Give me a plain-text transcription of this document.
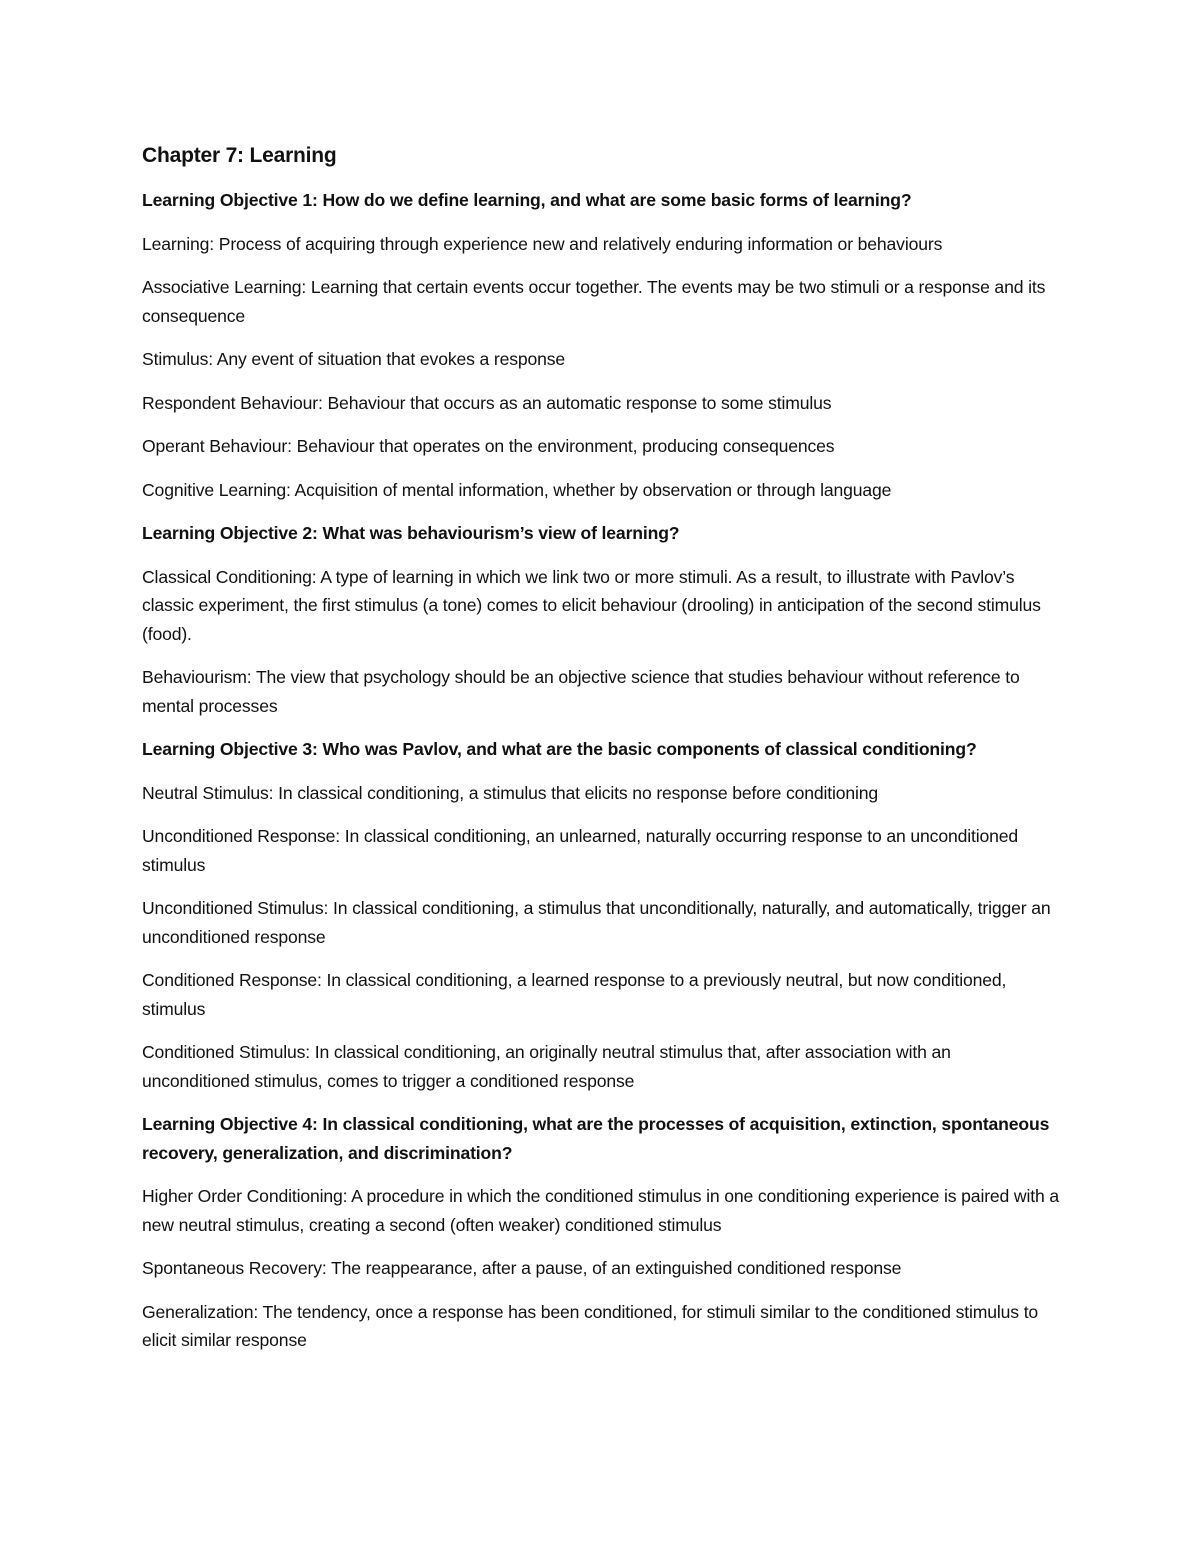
Chapter 7: Learning

Learning Objective 1: How do we define learning, and what are some basic forms of learning?

Learning: Process of acquiring through experience new and relatively enduring information or behaviours

Associative Learning: Learning that certain events occur together. The events may be two stimuli or a response and its consequence

Stimulus: Any event of situation that evokes a response

Respondent Behaviour: Behaviour that occurs as an automatic response to some stimulus

Operant Behaviour: Behaviour that operates on the environment, producing consequences

Cognitive Learning: Acquisition of mental information, whether by observation or through language

Learning Objective 2: What was behaviourism’s view of learning?

Classical Conditioning: A type of learning in which we link two or more stimuli. As a result, to illustrate with Pavlov’s classic experiment, the first stimulus (a tone) comes to elicit behaviour (drooling) in anticipation of the second stimulus (food).

Behaviourism: The view that psychology should be an objective science that studies behaviour without reference to mental processes

Learning Objective 3: Who was Pavlov, and what are the basic components of classical conditioning?

Neutral Stimulus: In classical conditioning, a stimulus that elicits no response before conditioning

Unconditioned Response: In classical conditioning, an unlearned, naturally occurring response to an unconditioned stimulus

Unconditioned Stimulus: In classical conditioning, a stimulus that unconditionally, naturally, and automatically, trigger an unconditioned response

Conditioned Response: In classical conditioning, a learned response to a previously neutral, but now conditioned, stimulus

Conditioned Stimulus: In classical conditioning, an originally neutral stimulus that, after association with an unconditioned stimulus, comes to trigger a conditioned response

Learning Objective 4: In classical conditioning, what are the processes of acquisition, extinction, spontaneous recovery, generalization, and discrimination?

Higher Order Conditioning: A procedure in which the conditioned stimulus in one conditioning experience is paired with a new neutral stimulus, creating a second (often weaker) conditioned stimulus

Spontaneous Recovery: The reappearance, after a pause, of an extinguished conditioned response

Generalization: The tendency, once a response has been conditioned, for stimuli similar to the conditioned stimulus to elicit similar response
